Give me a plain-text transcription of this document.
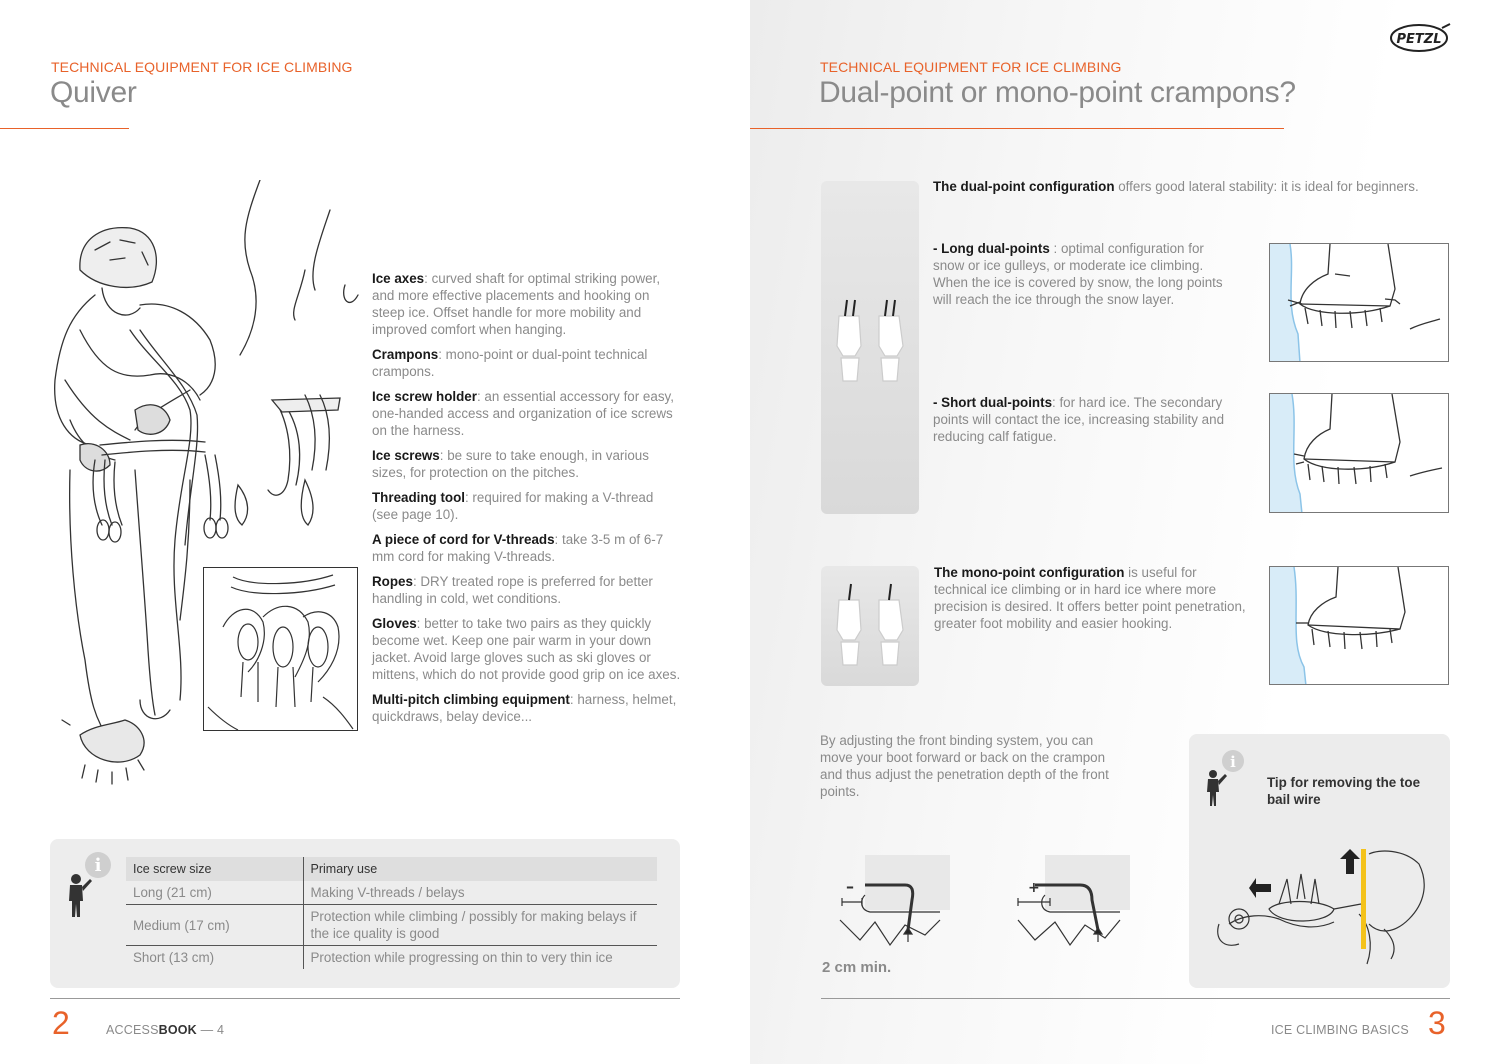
TECHNICAL EQUIPMENT FOR ICE CLIMBING
Quiver

Ice axes: curved shaft for optimal striking power, and more effective placements and hooking on steep ice. Offset handle for more mobility and improved comfort when hanging.

Crampons: mono-point or dual-point technical crampons.

Ice screw holder: an essential accessory for easy, one-handed access and organization of ice screws on the harness.

Ice screws: be sure to take enough, in various sizes, for protection on the pitches.

Threading tool: required for making a V-thread (see page 10).

A piece of cord for V-threads: take 3-5 m of 6-7 mm cord for making V-threads.

Ropes: DRY treated rope is preferred for better handling in cold, wet conditions.

Gloves: better to take two pairs as they quickly become wet. Keep one pair warm in your down jacket. Avoid large gloves such as ski gloves or mittens, which do not provide good grip on ice axes.

Multi-pitch climbing equipment: harness, helmet, quickdraws, belay device...

i	Ice screw size	Primary use
Long (21 cm)	Making V-threads / belays
Medium (17 cm)	Protection while climbing / possibly for making belays if the ice quality is good
Short (13 cm)	Protection while progressing on thin to very thin ice
2	ACCESSBOOK — 4
PETZL
TECHNICAL EQUIPMENT FOR ICE CLIMBING
Dual-point or mono-point crampons?
The dual-point configuration offers good lateral stability: it is ideal for beginners.
- Long dual-points : optimal configuration for snow or ice gulleys, or moderate ice climbing. When the ice is covered by snow, the long points will reach the ice through the snow layer.
- Short dual-points: for hard ice. The secondary points will contact the ice, increasing stability and reducing calf fatigue.
The mono-point configuration is useful for technical ice climbing or in hard ice where more precision is desired. It offers better point penetration, greater foot mobility and easier hooking.
By adjusting the front binding system, you can move your boot forward or back on the crampon and thus adjust the penetration depth of the front points.
–	+
2 cm min.
i
Tip for removing the toe bail wire
ICE CLIMBING BASICS 3
